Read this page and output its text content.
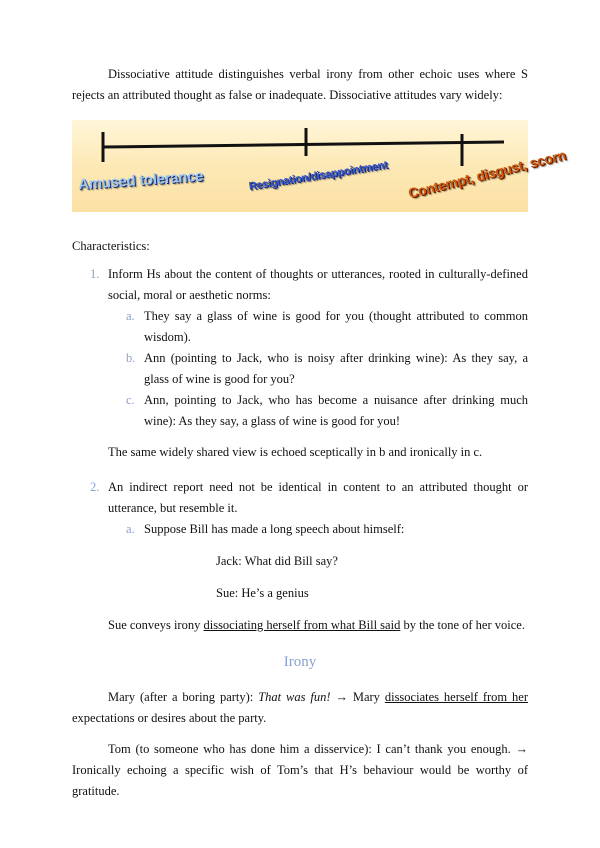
Dissociative attitude distinguishes verbal irony from other echoic uses where S rejects an attributed thought as false or inadequate. Dissociative attitudes vary widely:

Amused tolerance	Resignation/disappointment Contempt, disgust, scorn

Characteristics:

1. Inform Hs about the content of thoughts or utterances, rooted in culturally-defined social, moral or aesthetic norms:

a. They say a glass of wine is good for you (thought attributed to common wisdom).

b. Ann (pointing to Jack, who is noisy after drinking wine): As they say, a glass of wine is good for you?

c. Ann, pointing to Jack, who has become a nuisance after drinking much wine): As they say, a glass of wine is good for you!

The same widely shared view is echoed sceptically in b and ironically in c.

2. An indirect report need not be identical in content to an attributed thought or utterance, but resemble it.

a. Suppose Bill has made a long speech about himself:

Jack: What did Bill say?
Sue: He’s a genius

Sue conveys irony dissociating herself from what Bill said by the tone of her voice.

Irony

Mary (after a boring party): That was fun! → Mary dissociates herself from her expectations or desires about the party.

Tom (to someone who has done him a disservice): I can’t thank you enough. → Ironically echoing a specific wish of Tom’s that H’s behaviour would be worthy of gratitude.
